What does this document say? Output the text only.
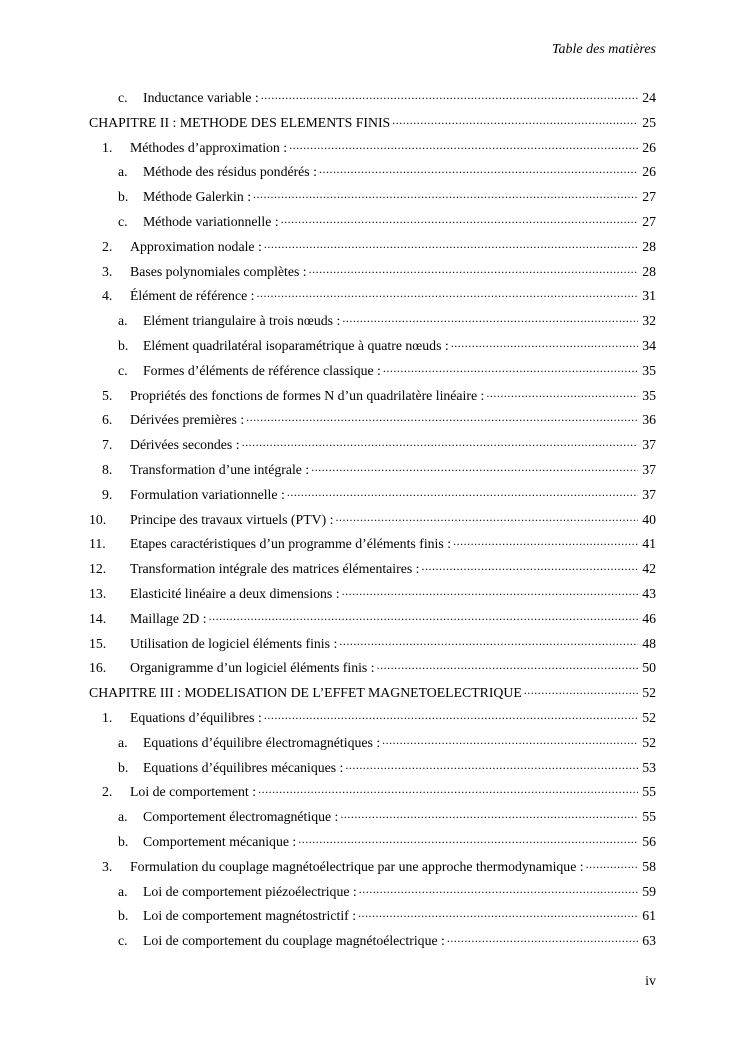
Table des matières
c.	Inductance variable : .....	24
CHAPITRE II : METHODE DES ELEMENTS FINIS .....	25
1.	Méthodes d’approximation : .....	26
a.	Méthode des résidus pondérés : .....	26
b.	Méthode Galerkin : .....	27
c.	Méthode variationnelle : .....	27
2.	Approximation nodale : .....	28
3.	Bases polynomiales complètes : .....	28
4.	Élément de référence : .....	31
a.	Elément triangulaire à trois nœuds : .....	32
b.	Elément quadrilatéral isoparamétrique à quatre nœuds : .....	34
c.	Formes d’éléments de référence classique : .....	35
5.	Propriétés des fonctions de formes N d’un quadrilatère linéaire : .....	35
6.	Dérivées premières : .....	36
7.	Dérivées secondes : .....	37
8.	Transformation d’une intégrale : .....	37
9.	Formulation variationnelle : .....	37
10.	Principe des travaux virtuels (PTV) : .....	40
11.	Etapes caractéristiques d’un programme d’éléments finis : .....	41
12.	Transformation intégrale des matrices élémentaires : .....	42
13.	Elasticité linéaire a deux dimensions : .....	43
14.	Maillage 2D : .....	46
15.	Utilisation de logiciel éléments finis : .....	48
16.	Organigramme d’un logiciel éléments finis : .....	50
CHAPITRE III : MODELISATION DE L’EFFET MAGNETOELECTRIQUE .....	52
1.	Equations d’équilibres : .....	52
a.	Equations d’équilibre électromagnétiques : .....	52
b.	Equations d’équilibres mécaniques : .....	53
2.	Loi de comportement : .....	55
a.	Comportement électromagnétique : .....	55
b.	Comportement mécanique : .....	56
3.	Formulation du couplage magnétoélectrique par une approche thermodynamique : .....	58
a.	Loi de comportement piézoélectrique : .....	59
b.	Loi de comportement magnétostrictif : .....	61
c.	Loi de comportement du couplage magnétoélectrique : .....	63
iv
